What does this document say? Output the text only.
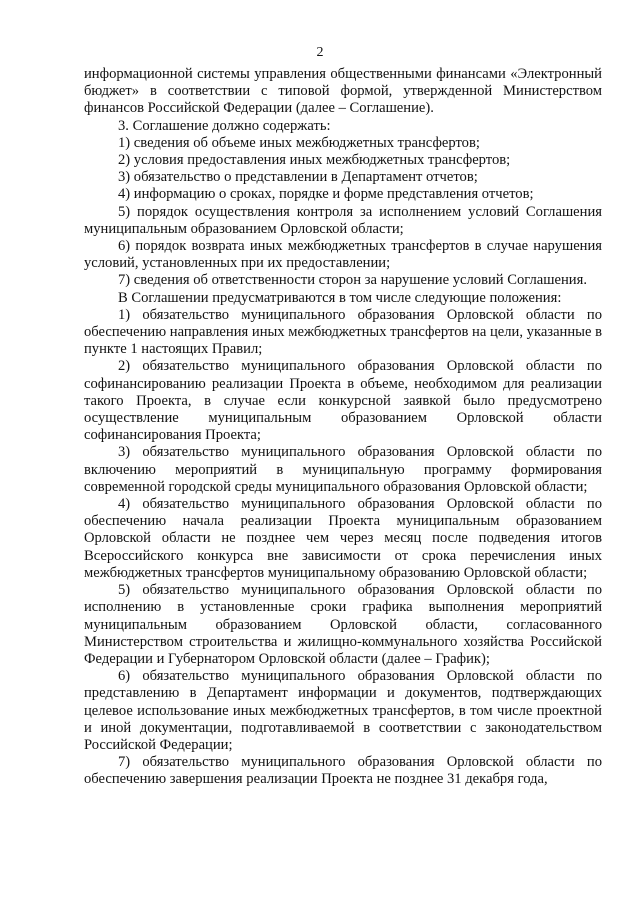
2

информационной системы управления общественными финансами «Электронный бюджет» в соответствии с типовой формой, утвержденной Министерством финансов Российской Федерации (далее – Соглашение).

3. Соглашение должно содержать:

1) сведения об объеме иных межбюджетных трансфертов;

2) условия предоставления иных межбюджетных трансфертов;

3) обязательство о представлении в Департамент отчетов;

4) информацию о сроках, порядке и форме представления отчетов;

5) порядок осуществления контроля за исполнением условий Соглашения муниципальным образованием Орловской области;

6) порядок возврата иных межбюджетных трансфертов в случае нарушения условий, установленных при их предоставлении;

7) сведения об ответственности сторон за нарушение условий Соглашения.

В Соглашении предусматриваются в том числе следующие положения:

1) обязательство муниципального образования Орловской области по обеспечению направления иных межбюджетных трансфертов на цели, указанные в пункте 1 настоящих Правил;

2) обязательство муниципального образования Орловской области по софинансированию реализации Проекта в объеме, необходимом для реализации такого Проекта, в случае если конкурсной заявкой было предусмотрено осуществление муниципальным образованием Орловской области софинансирования Проекта;

3) обязательство муниципального образования Орловской области по включению мероприятий в муниципальную программу формирования современной городской среды муниципального образования Орловской области;

4) обязательство муниципального образования Орловской области по обеспечению начала реализации Проекта муниципальным образованием Орловской области не позднее чем через месяц после подведения итогов Всероссийского конкурса вне зависимости от срока перечисления иных межбюджетных трансфертов муниципальному образованию Орловской области;

5) обязательство муниципального образования Орловской области по исполнению в установленные сроки графика выполнения мероприятий муниципальным образованием Орловской области, согласованного Министерством строительства и жилищно-коммунального хозяйства Российской Федерации и Губернатором Орловской области (далее – График);

6) обязательство муниципального образования Орловской области по представлению в Департамент информации и документов, подтверждающих целевое использование иных межбюджетных трансфертов, в том числе проектной и иной документации, подготавливаемой в соответствии с законодательством Российской Федерации;

7) обязательство муниципального образования Орловской области по обеспечению завершения реализации Проекта не позднее 31 декабря года,
